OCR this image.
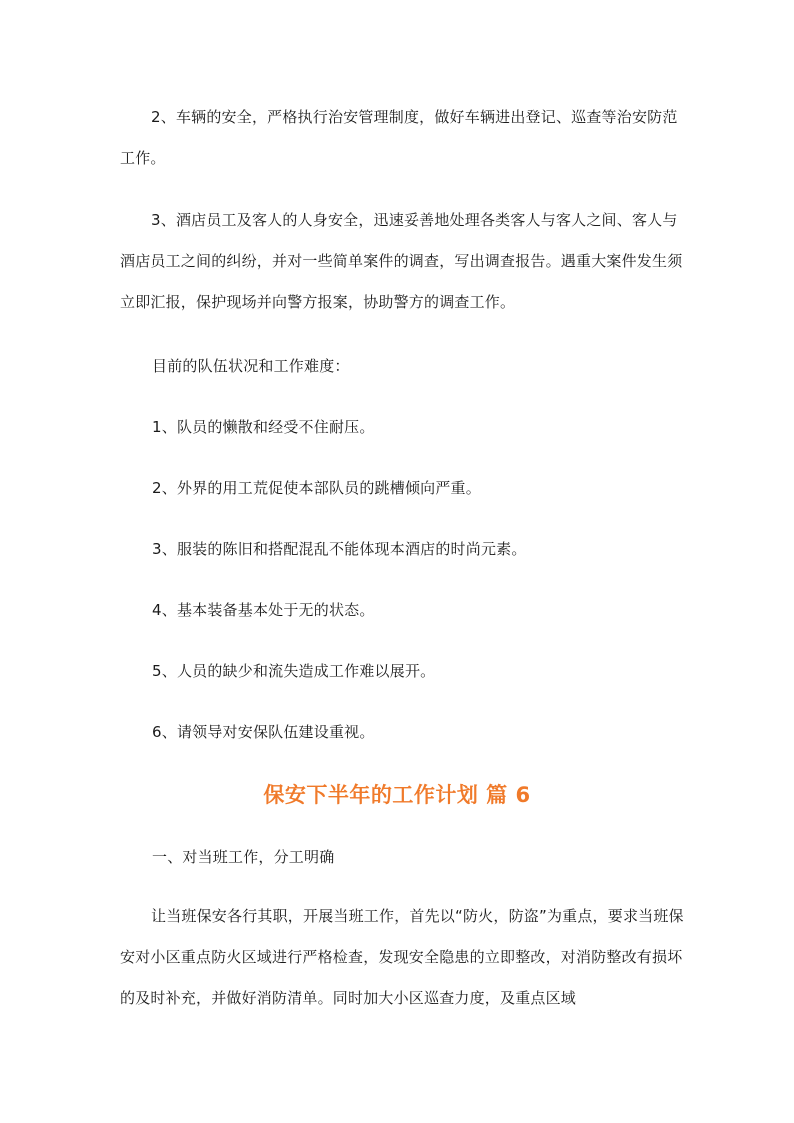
2、车辆的安全，严格执行治安管理制度，做好车辆进出登记、巡查等治安防范工作。

3、酒店员工及客人的人身安全，迅速妥善地处理各类客人与客人之间、客人与酒店员工之间的纠纷，并对一些简单案件的调查，写出调查报告。遇重大案件发生须立即汇报，保护现场并向警方报案，协助警方的调查工作。

目前的队伍状况和工作难度：

1、队员的懒散和经受不住耐压。

2、外界的用工荒促使本部队员的跳槽倾向严重。

3、服装的陈旧和搭配混乱不能体现本酒店的时尚元素。

4、基本装备基本处于无的状态。

5、人员的缺少和流失造成工作难以展开。

6、请领导对安保队伍建设重视。

保安下半年的工作计划 篇 6

一、对当班工作，分工明确

让当班保安各行其职，开展当班工作，首先以“防火，防盗”为重点，要求当班保安对小区重点防火区域进行严格检查，发现安全隐患的立即整改，对消防整改有损坏的及时补充，并做好消防清单。同时加大小区巡查力度，及重点区域
